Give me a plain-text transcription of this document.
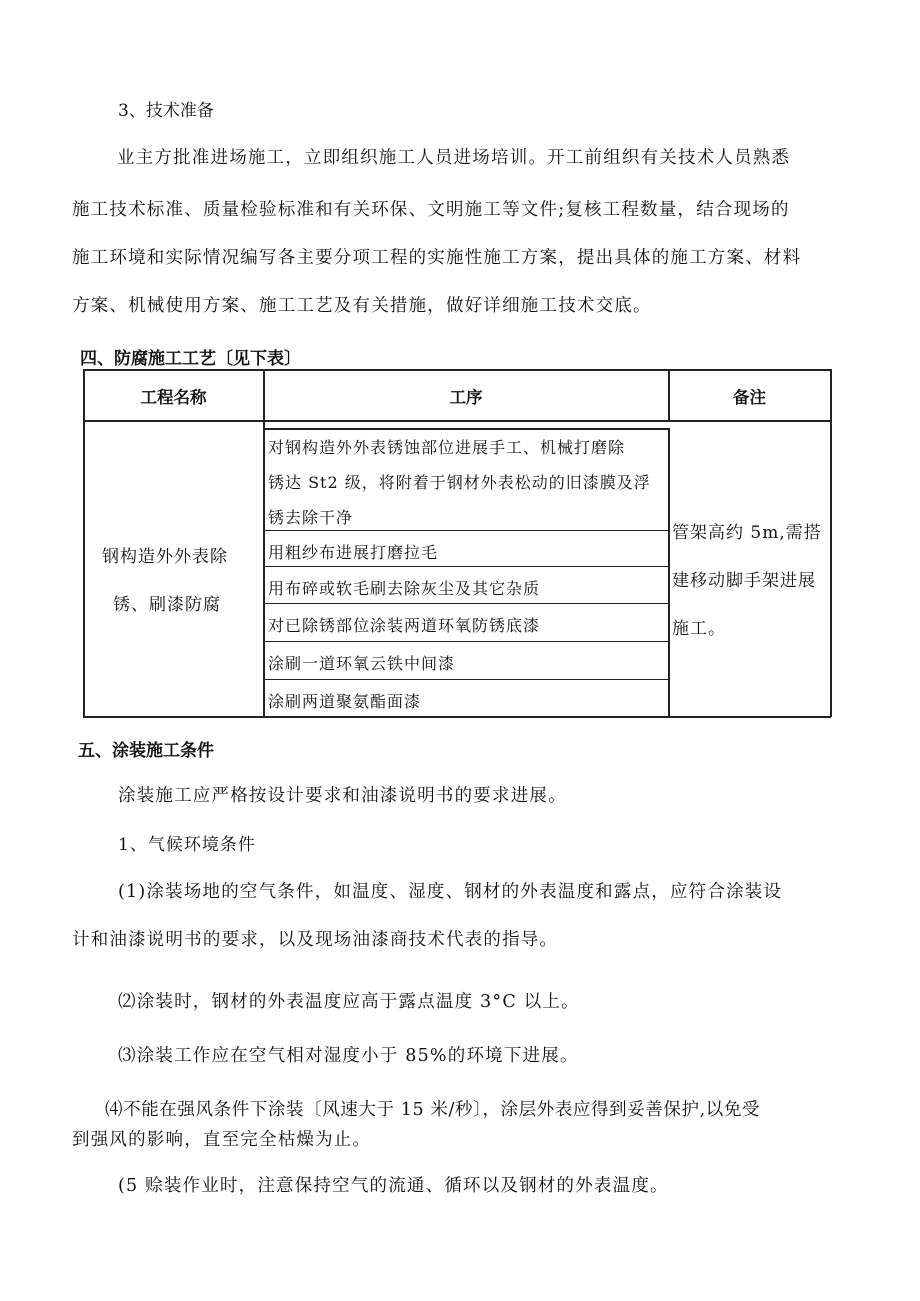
3、技术准备
业主方批准进场施工，立即组织施工人员进场培训。开工前组织有关技术人员熟悉
施工技术标准、质量检验标准和有关环保、文明施工等文件;复核工程数量，结合现场的
施工环境和实际情况编写各主要分项工程的实施性施工方案，提出具体的施工方案、材料
方案、机械使用方案、施工工艺及有关措施，做好详细施工技术交底。
四、防腐施工工艺〔见下表〕
工程名称	工序	备注
钢构造外外表除
锈、刷漆防腐
对钢构造外外表锈蚀部位进展手工、机械打磨除
锈达 St2 级，将附着于钢材外表松动的旧漆膜及浮
锈去除干净
用粗纱布进展打磨拉毛
用布碎或软毛刷去除灰尘及其它杂质
对已除锈部位涂装两道环氧防锈底漆
涂刷一道环氧云铁中间漆
涂刷两道聚氨酯面漆
管架高约 5m,需搭
建移动脚手架进展
施工。
五、涂装施工条件
涂装施工应严格按设计要求和油漆说明书的要求进展。
1、气候环境条件
(1)涂装场地的空气条件，如温度、湿度、钢材的外表温度和露点，应符合涂装设
计和油漆说明书的要求，以及现场油漆商技术代表的指导。
⑵涂装时，钢材的外表温度应高于露点温度 3°C 以上。
⑶涂装工作应在空气相对湿度小于 85%的环境下进展。
⑷不能在强风条件下涂装〔风速大于 15 米/秒〕，涂层外表应得到妥善保护,以免受
到强风的影响，直至完全枯燥为止。
(5 赊装作业时，注意保持空气的流通、循环以及钢材的外表温度。
